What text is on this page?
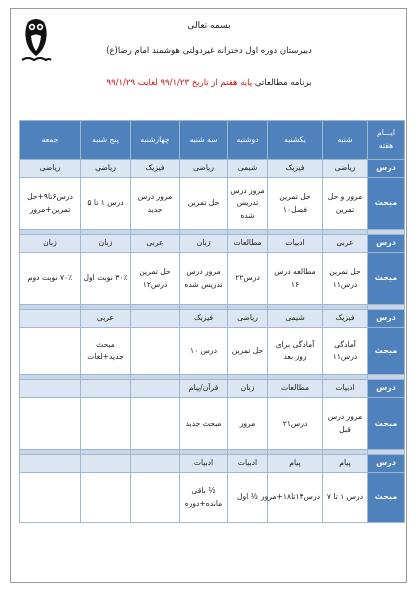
بسمه تعالی
دبیرستان دوره اول دخترانه غیردولتی هوشمند امام رضا(ع)
برنامه مطالعاتی پایه هفتم از تاریخ ۹۹/۱/۲۳ لغایت ۹۹/۱/۲۹
ایـــام هفته	شنبه	یکشنبه	دوشنبه	سه شنبه	چهارشنبه	پنج شنبه	جمعه
درس	ریاضی	فیزیک	شیمی	ریاضی	فیزیک	ریاضی	ریاضی
مبحث	مرور و حل تمرین	حل تمرین فصل۱۰	مرور درس تدریس شده	حل تمرین	مرور درس جدید	درس ۱ تا ۵	درس۶تا۹+حل تمرین+مرور

درس	عربی	ادبیات	مطالعات	زبان	عربی	زبان	زبان
مبحث	حل تمرین درس۱۱	مطالعه درس ۱۶	درس۲۲	مرور درس تدریس شده	حل تمرین درس۱۲	۳۰٪ نوبت اول	۷۰٪ نوبت دوم

درس	فیزیک	شیمی	ریاضی	فیزیک		عربی	
مبحث	آمادگی درس۱۱	آمادگی برای روز بعد	حل تمرین	درس ۱۰		مبحث جدید+لغات	

درس	ادبیات	مطالعات	زبان	قرآن/پیام			
مبحث	مرور درس قبل	درس۲۱	مرور	مبحث جدید			

درس	پیام	پیام	ادبیات	ادبیات			
مبحث	درس ۱ تا ۷	درس۱۴تا۱۸+مرور	½ اول	½ باقی مانده+دوره			
